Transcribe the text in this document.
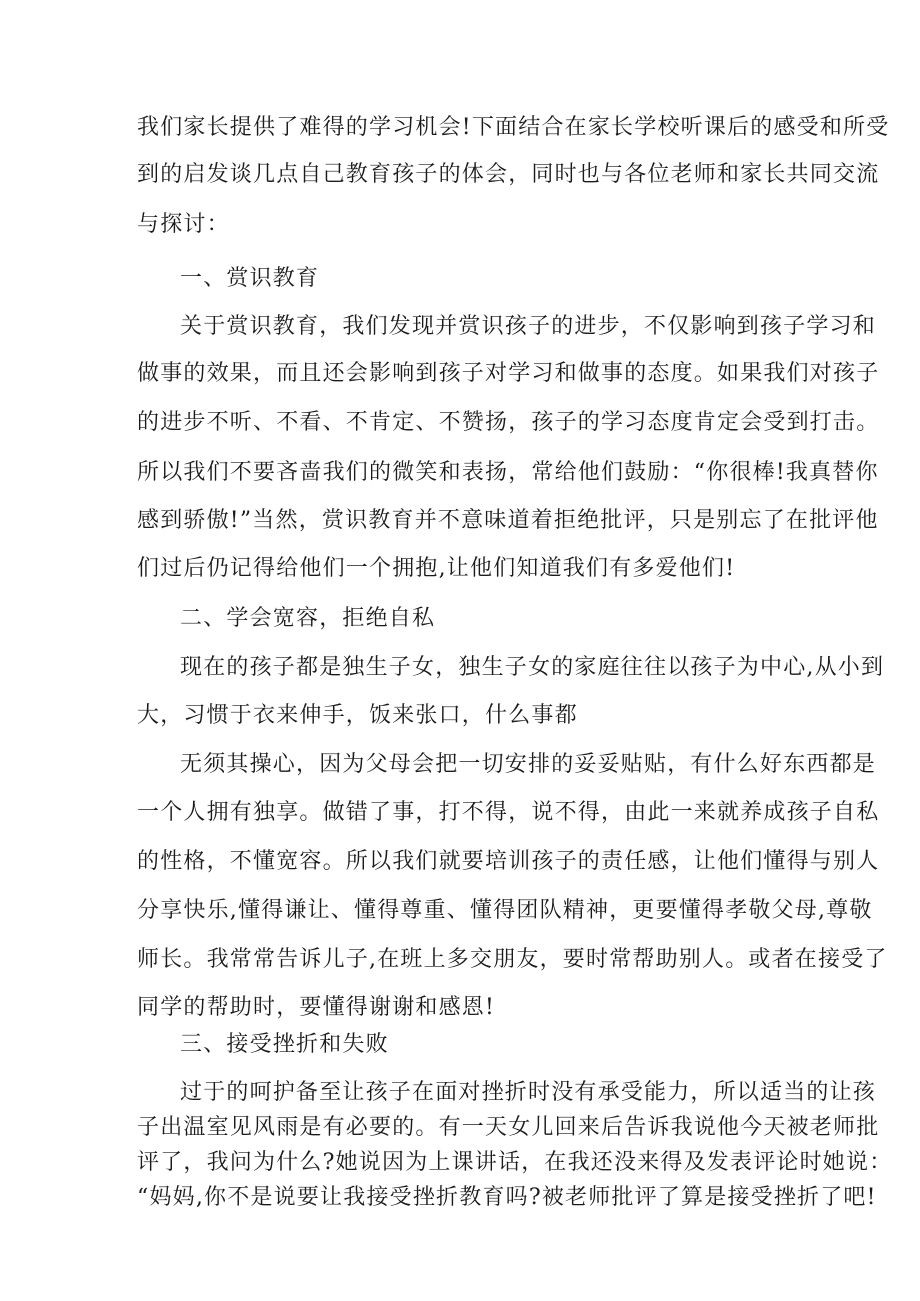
我们家长提供了难得的学习机会!下面结合在家长学校听课后的感受和所受
到的启发谈几点自己教育孩子的体会，同时也与各位老师和家长共同交流
与探讨：
一、赏识教育
关于赏识教育，我们发现并赏识孩子的进步，不仅影响到孩子学习和
做事的效果，而且还会影响到孩子对学习和做事的态度。如果我们对孩子
的进步不听、不看、不肯定、不赞扬，孩子的学习态度肯定会受到打击。
所以我们不要吝啬我们的微笑和表扬，常给他们鼓励：“你很棒!我真替你
感到骄傲!”当然，赏识教育并不意味道着拒绝批评，只是别忘了在批评他
们过后仍记得给他们一个拥抱,让他们知道我们有多爱他们!
二、学会宽容，拒绝自私
现在的孩子都是独生子女，独生子女的家庭往往以孩子为中心,从小到
大，习惯于衣来伸手，饭来张口，什么事都
无须其操心，因为父母会把一切安排的妥妥贴贴，有什么好东西都是
一个人拥有独享。做错了事，打不得，说不得，由此一来就养成孩子自私
的性格，不懂宽容。所以我们就要培训孩子的责任感，让他们懂得与别人
分享快乐,懂得谦让、懂得尊重、懂得团队精神，更要懂得孝敬父母,尊敬
师长。我常常告诉儿子,在班上多交朋友，要时常帮助别人。或者在接受了
同学的帮助时，要懂得谢谢和感恩!
三、接受挫折和失败
过于的呵护备至让孩子在面对挫折时没有承受能力，所以适当的让孩
子出温室见风雨是有必要的。有一天女儿回来后告诉我说他今天被老师批
评了，我问为什么?她说因为上课讲话，在我还没来得及发表评论时她说：
“妈妈,你不是说要让我接受挫折教育吗?被老师批评了算是接受挫折了吧!
